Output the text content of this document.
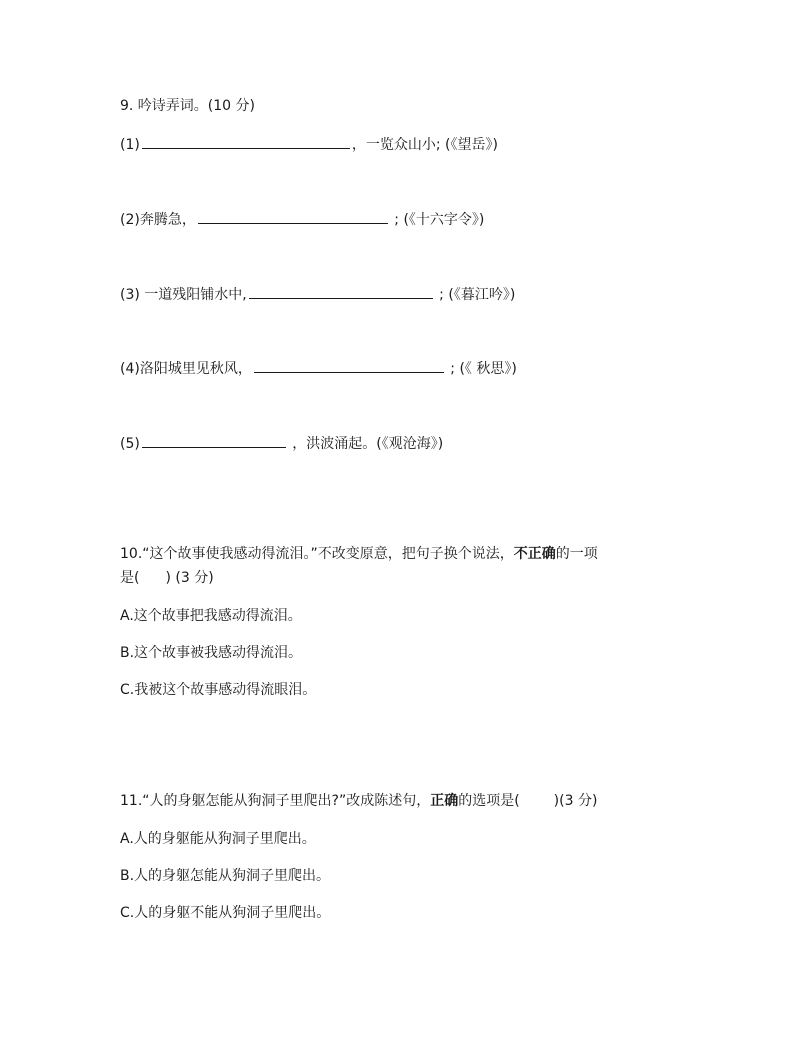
9. 吟诗弄词。(10 分)
(1)	，一览众山小; (《望岳》)
(2)奔腾急，	; (《十六字令》)
(3) 一道残阳铺水中,	; (《暮江吟》)
(4)洛阳城里见秋风，	; (《 秋思》)
(5)	，洪波涌起。(《观沧海》)
10.“这个故事使我感动得流泪。”不改变原意，把句子换个说法，不正确的一项
是( ) (3 分)
A.这个故事把我感动得流泪。
B.这个故事被我感动得流泪。
C.我被这个故事感动得流眼泪。
11.“人的身躯怎能从狗洞子里爬出?”改成陈述句，正确的选项是( )(3 分)
A.人的身躯能从狗洞子里爬出。
B.人的身躯怎能从狗洞子里爬出。
C.人的身躯不能从狗洞子里爬出。
